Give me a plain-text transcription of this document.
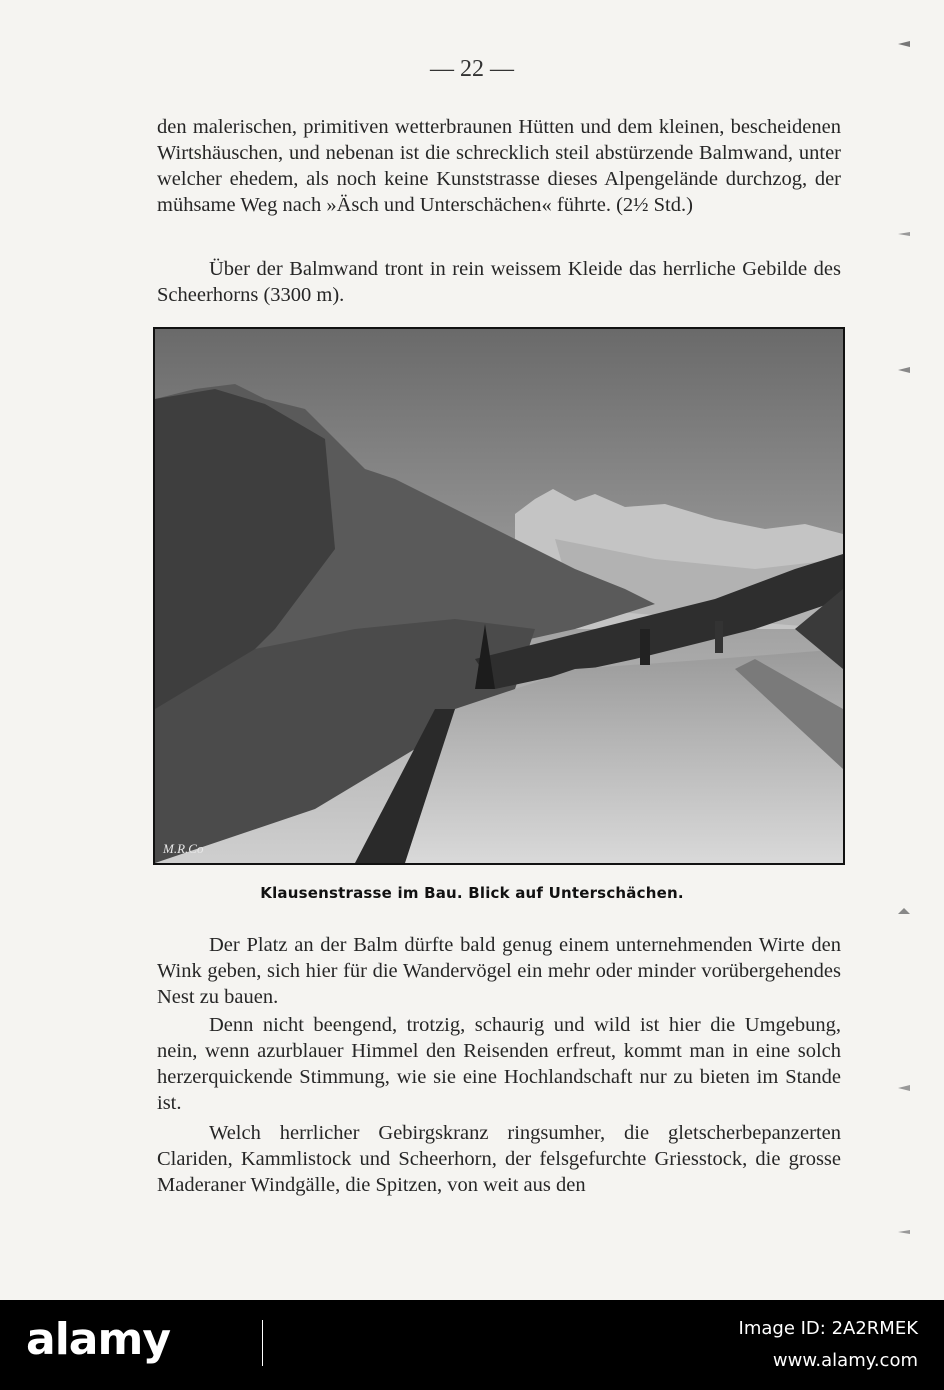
— 22 —

den malerischen, primitiven wetterbraunen Hütten und dem kleinen, bescheidenen Wirtshäuschen, und nebenan ist die schrecklich steil abstürzende Balmwand, unter welcher ehedem, als noch keine Kunststrasse dieses Alpengelände durchzog, der mühsame Weg nach »Äsch und Unterschächen« führte. (2½ Std.)

Über der Balmwand tront in rein weissem Kleide das herrliche Gebilde des Scheerhorns (3300 m).

M.R.Co
Klausenstrasse im Bau. Blick auf Unterschächen.

Der Platz an der Balm dürfte bald genug einem unternehmenden Wirte den Wink geben, sich hier für die Wandervögel ein mehr oder minder vorübergehendes Nest zu bauen.

Denn nicht beengend, trotzig, schaurig und wild ist hier die Umgebung, nein, wenn azurblauer Himmel den Reisenden erfreut, kommt man in eine solch herzerquickende Stimmung, wie sie eine Hochlandschaft nur zu bieten im Stande ist.

Welch herrlicher Gebirgskranz ringsumher, die gletscherbepanzerten Clariden, Kammlistock und Scheerhorn, der felsgefurchte Griesstock, die grosse Maderaner Windgälle, die Spitzen, von weit aus den

alamy	Image ID: 2A2RMEK
www.alamy.com
